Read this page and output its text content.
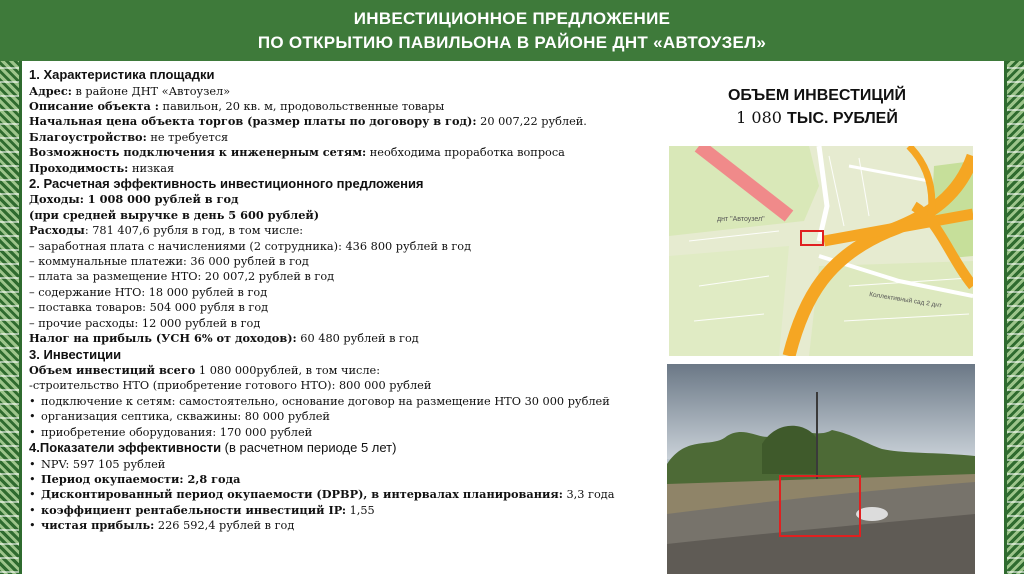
ИНВЕСТИЦИОННОЕ ПРЕДЛОЖЕНИЕ
ПО ОТКРЫТИЮ ПАВИЛЬОНА В РАЙОНЕ ДНТ «АВТОУЗЕЛ»
1. Характеристика площадки
Адрес: в районе ДНТ «Автоузел»
Описание объекта : павильон, 20 кв. м, продовольственные товары
Начальная цена объекта торгов (размер платы по договору в год): 20 007,22 рублей.
Благоустройство: не требуется
Возможность подключения к инженерным сетям: необходима проработка вопроса
Проходимость: низкая
2. Расчетная эффективность инвестиционного предложения
Доходы: 1 008 000 рублей в год
(при средней выручке в день 5 600 рублей)
Расходы: 781 407,6 рубля в год, в том числе:
– заработная плата с начислениями (2 сотрудника): 436 800 рублей в год
– коммунальные платежи: 36 000 рублей в год
– плата за размещение НТО: 20 007,2 рублей в год
– содержание НТО: 18 000 рублей в год
– поставка товаров: 504 000 рубля в год
– прочие расходы: 12 000 рублей в год
Налог на прибыль (УСН 6% от доходов): 60 480 рублей в год
3. Инвестиции
Объем инвестиций всего 1 080 000рублей, в том числе:
-строительство НТО (приобретение готового НТО): 800 000 рублей
• подключение к сетям: самостоятельно, основание договор на размещение НТО 30 000 рублей
• организация септика, скважины: 80 000 рублей
• приобретение оборудования: 170 000 рублей
4.Показатели эффективности (в расчетном периоде 5 лет)
• NPV: 597 105 рублей
• Период окупаемости: 2,8 года
• Дисконтированный период окупаемости (DPBP), в интервалах планирования: 3,3 года
• коэффициент рентабельности инвестиций IP: 1,55
• чистая прибыль: 226 592,4 рублей в год
ОБЪЕМ ИНВЕСТИЦИЙ
1 080 ТЫС. РУБЛЕЙ
днт "Автоузел"
Коллективный сад 2 днт
